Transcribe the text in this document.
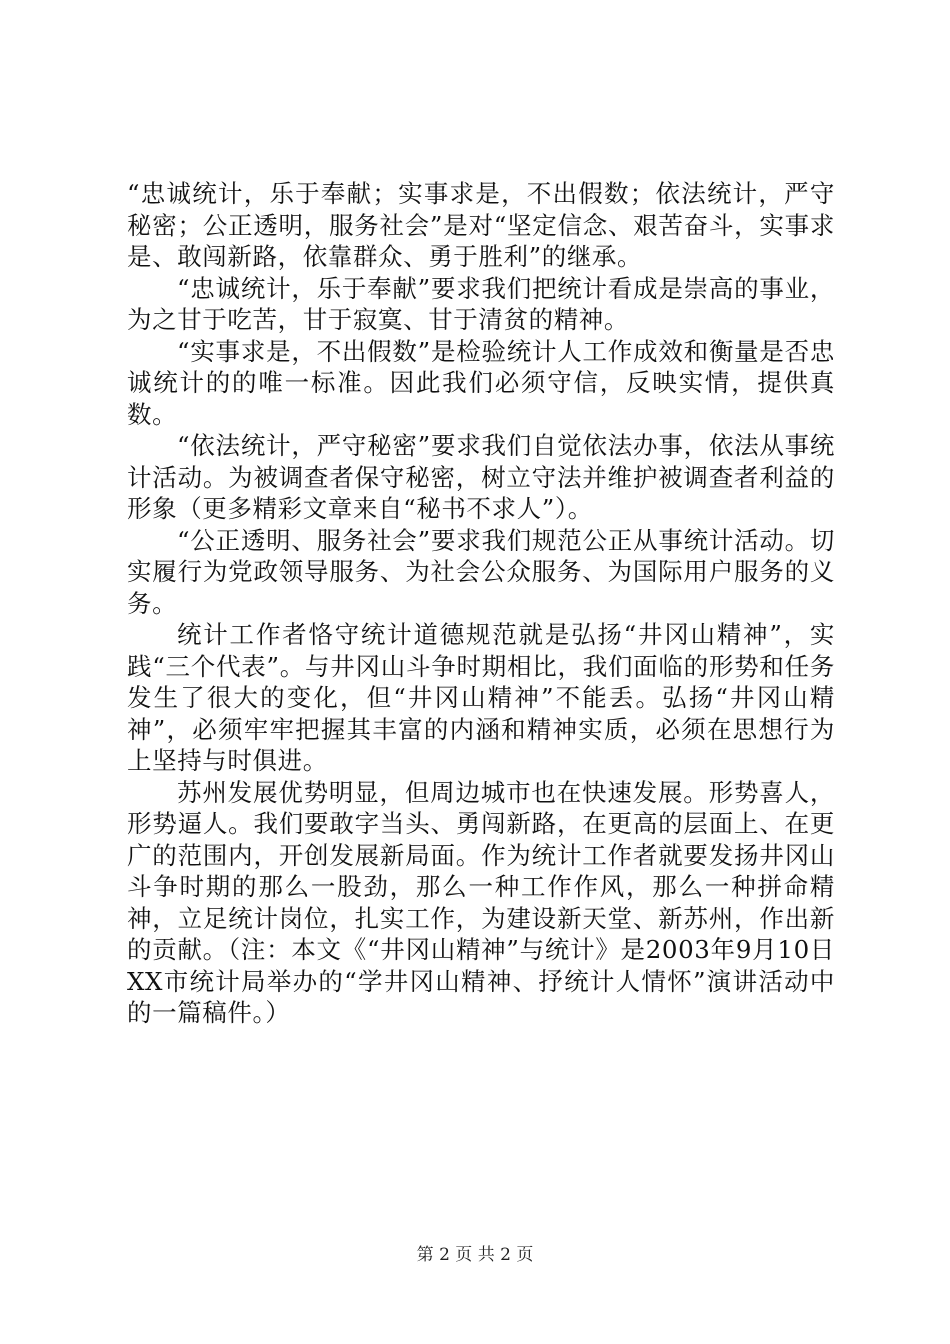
“忠诚统计，乐于奉献；实事求是，不出假数；依法统计，严守秘密；公正透明，服务社会”是对“坚定信念、艰苦奋斗，实事求是、敢闯新路，依靠群众、勇于胜利”的继承。

“忠诚统计，乐于奉献”要求我们把统计看成是崇高的事业，为之甘于吃苦，甘于寂寞、甘于清贫的精神。

“实事求是，不出假数”是检验统计人工作成效和衡量是否忠诚统计的的唯一标准。因此我们必须守信，反映实情，提供真数。

“依法统计，严守秘密”要求我们自觉依法办事，依法从事统计活动。为被调查者保守秘密，树立守法并维护被调查者利益的形象（更多精彩文章来自“秘书不求人”）。

“公正透明、服务社会”要求我们规范公正从事统计活动。切实履行为党政领导服务、为社会公众服务、为国际用户服务的义务。

统计工作者恪守统计道德规范就是弘扬“井冈山精神”，实践“三个代表”。与井冈山斗争时期相比，我们面临的形势和任务发生了很大的变化，但“井冈山精神”不能丢。弘扬“井冈山精神”，必须牢牢把握其丰富的内涵和精神实质，必须在思想行为上坚持与时俱进。

苏州发展优势明显，但周边城市也在快速发展。形势喜人，形势逼人。我们要敢字当头、勇闯新路，在更高的层面上、在更广的范围内，开创发展新局面。作为统计工作者就要发扬井冈山斗争时期的那么一股劲，那么一种工作作风，那么一种拼命精神，立足统计岗位，扎实工作，为建设新天堂、新苏州，作出新的贡献。（注：本文《“井冈山精神”与统计》是2003年9月10日XX市统计局举办的“学井冈山精神、抒统计人情怀”演讲活动中的一篇稿件。）

第 2 页 共 2 页
